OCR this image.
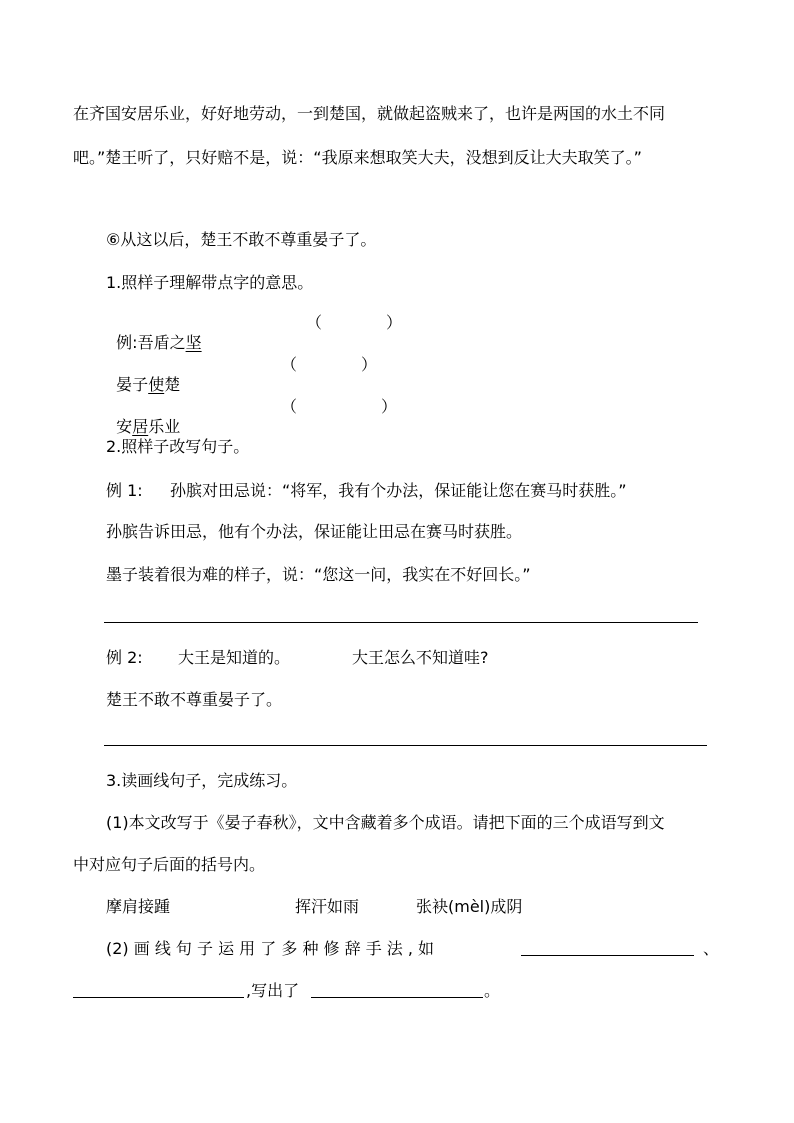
在齐国安居乐业，好好地劳动，一到楚国，就做起盗贼来了，也许是两国的水土不同
吧。”楚王听了，只好赔不是，说：“我原来想取笑大夫，没想到反让大夫取笑了。”
⑥从这以后，楚王不敢不尊重晏子了。
1.照样子理解带点字的意思。

例:吾盾之坚

（	）

晏子使楚

（	）

安居乐业

（	）
2.照样子改写句子。
例 1: 孙膑对田忌说：“将军，我有个办法，保证能让您在赛马时获胜。”
孙膑告诉田忌，他有个办法，保证能让田忌在赛马时获胜。
墨子装着很为难的样子，说：“您这一问，我实在不好回长。”
例 2: 大王是知道的。	大王怎么不知道哇?
楚王不敢不尊重晏子了。
3.读画线句子，完成练习。
(1)本文改写于《晏子春秋》，文中含藏着多个成语。请把下面的三个成语写到文
中对应句子后面的括号内。
摩肩接踵	挥汗如雨	张袂(mèl)成阴
(2) 画 线 句 子 运 用 了 多 种 修 辞 手 法 , 如	、
,写出了	。
